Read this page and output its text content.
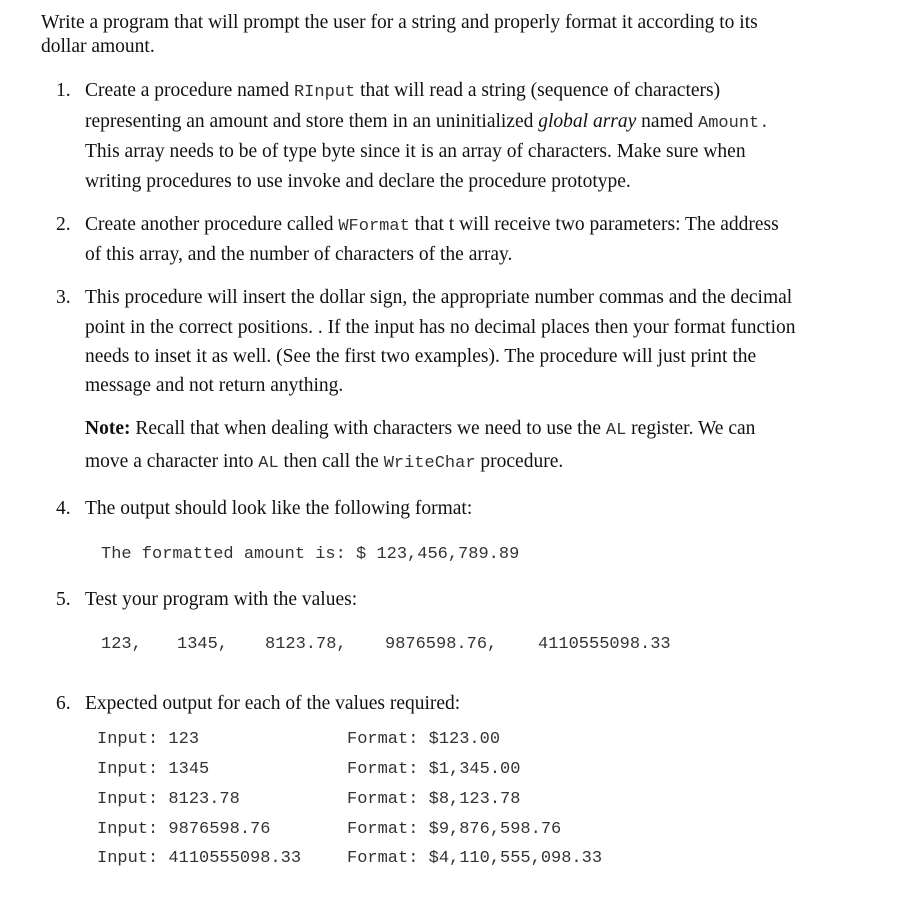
Write a program that will prompt the user for a string and properly format it according to its
dollar amount.
1. Create a procedure named RInput that will read a string (sequence of characters)
representing an amount and store them in an uninitialized global array named Amount.
This array needs to be of type byte since it is an array of characters. Make sure when
writing procedures to use invoke and declare the procedure prototype.
2. Create another procedure called WFormat that t will receive two parameters: The address
of this array, and the number of characters of the array.
3. This procedure will insert the dollar sign, the appropriate number commas and the decimal
point in the correct positions. . If the input has no decimal places then your format function
needs to inset it as well. (See the first two examples). The procedure will just print the
message and not return anything.
Note: Recall that when dealing with characters we need to use the AL register. We can
move a character into AL then call the WriteChar procedure.
4. The output should look like the following format:
The formatted amount is: $ 123,456,789.89
5. Test your program with the values:
123, 1345, 8123.78, 9876598.76, 4110555098.33
6. Expected output for each of the values required:
Input: 123	Format: $123.00
Input: 1345	Format: $1,345.00
Input: 8123.78	Format: $8,123.78
Input: 9876598.76	Format: $9,876,598.76
Input: 4110555098.33	Format: $4,110,555,098.33
